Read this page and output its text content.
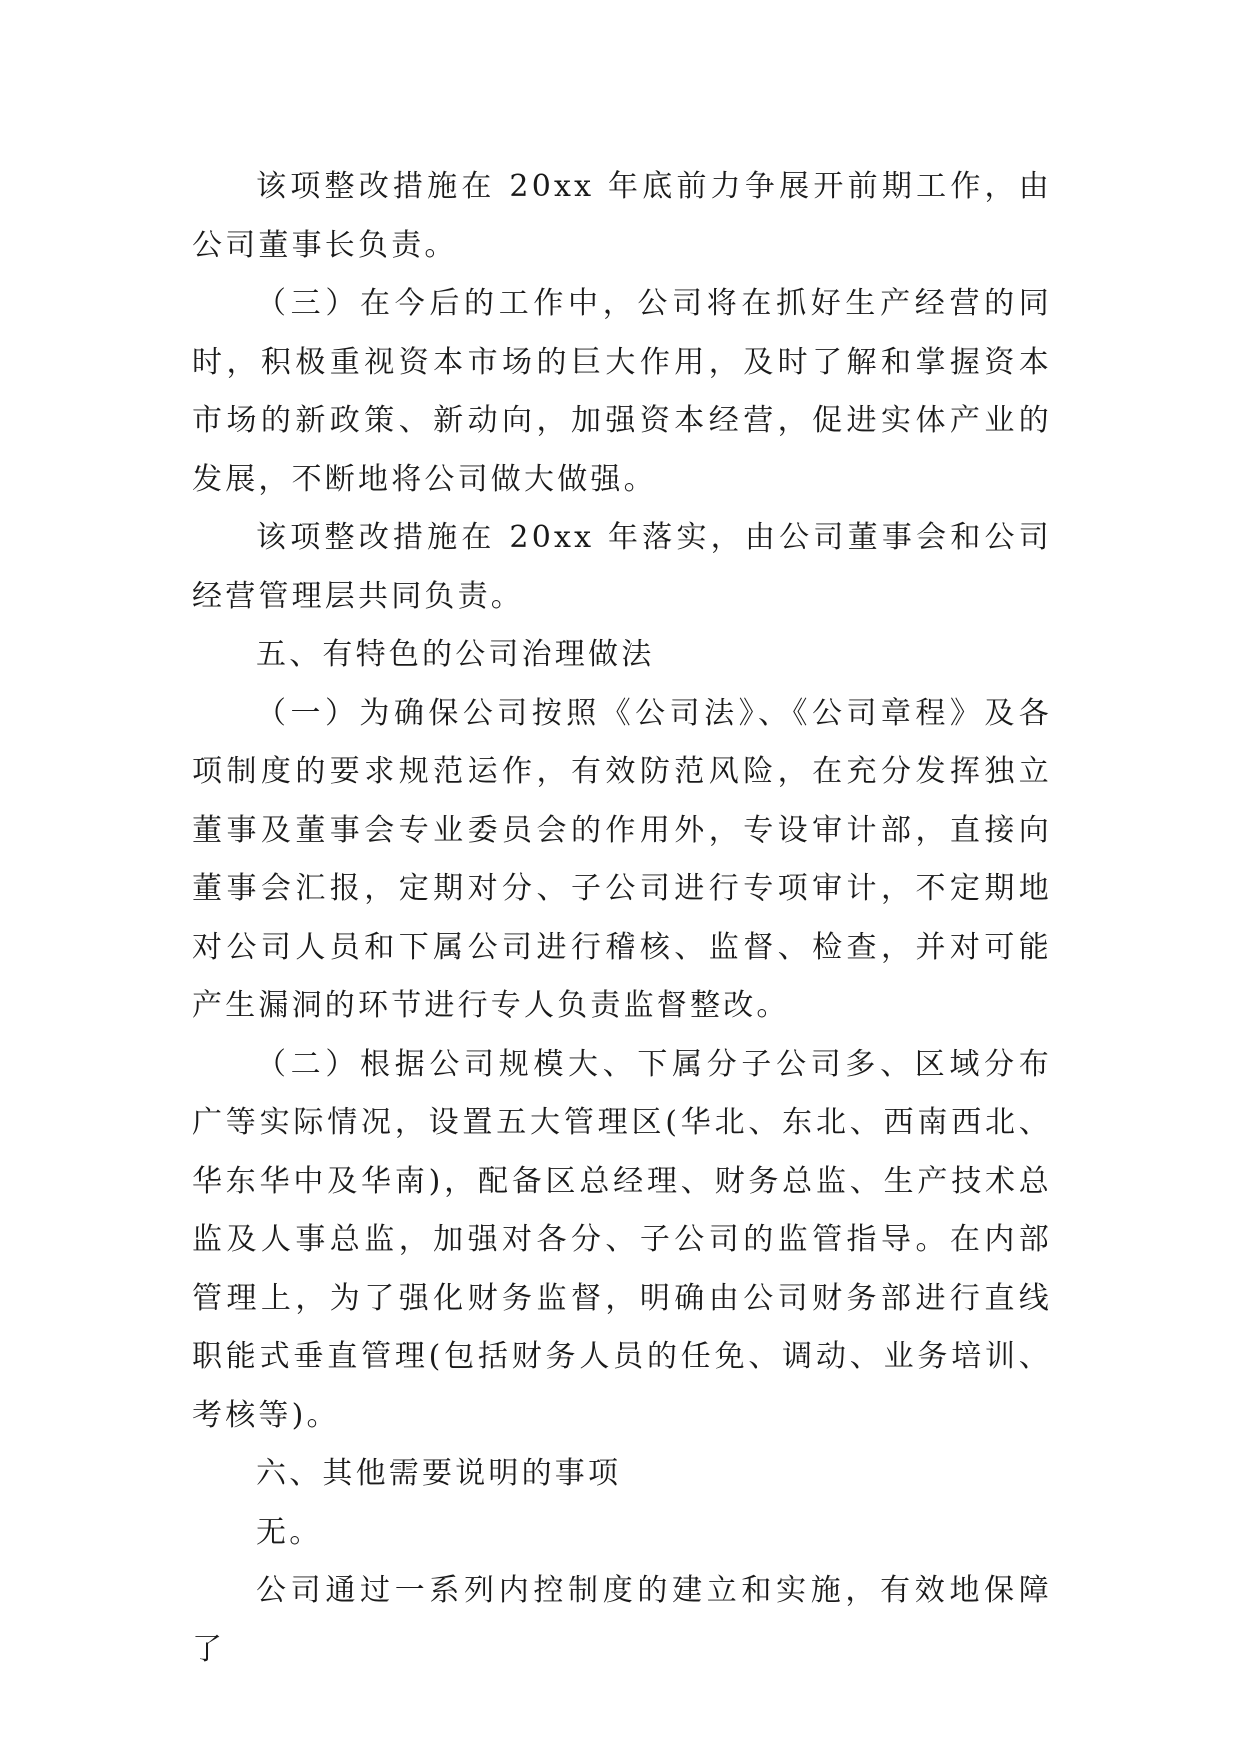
该项整改措施在 20xx 年底前力争展开前期工作，由公司董事长负责。

（三）在今后的工作中，公司将在抓好生产经营的同时，积极重视资本市场的巨大作用，及时了解和掌握资本市场的新政策、新动向，加强资本经营，促进实体产业的发展，不断地将公司做大做强。

该项整改措施在 20xx 年落实，由公司董事会和公司经营管理层共同负责。

五、有特色的公司治理做法

（一）为确保公司按照《公司法》、《公司章程》及各项制度的要求规范运作，有效防范风险，在充分发挥独立董事及董事会专业委员会的作用外，专设审计部，直接向董事会汇报，定期对分、子公司进行专项审计，不定期地对公司人员和下属公司进行稽核、监督、检查，并对可能产生漏洞的环节进行专人负责监督整改。

（二）根据公司规模大、下属分子公司多、区域分布广等实际情况，设置五大管理区(华北、东北、西南西北、华东华中及华南)，配备区总经理、财务总监、生产技术总监及人事总监，加强对各分、子公司的监管指导。在内部管理上，为了强化财务监督，明确由公司财务部进行直线职能式垂直管理(包括财务人员的任免、调动、业务培训、考核等)。

六、其他需要说明的事项

无。

公司通过一系列内控制度的建立和实施，有效地保障了
